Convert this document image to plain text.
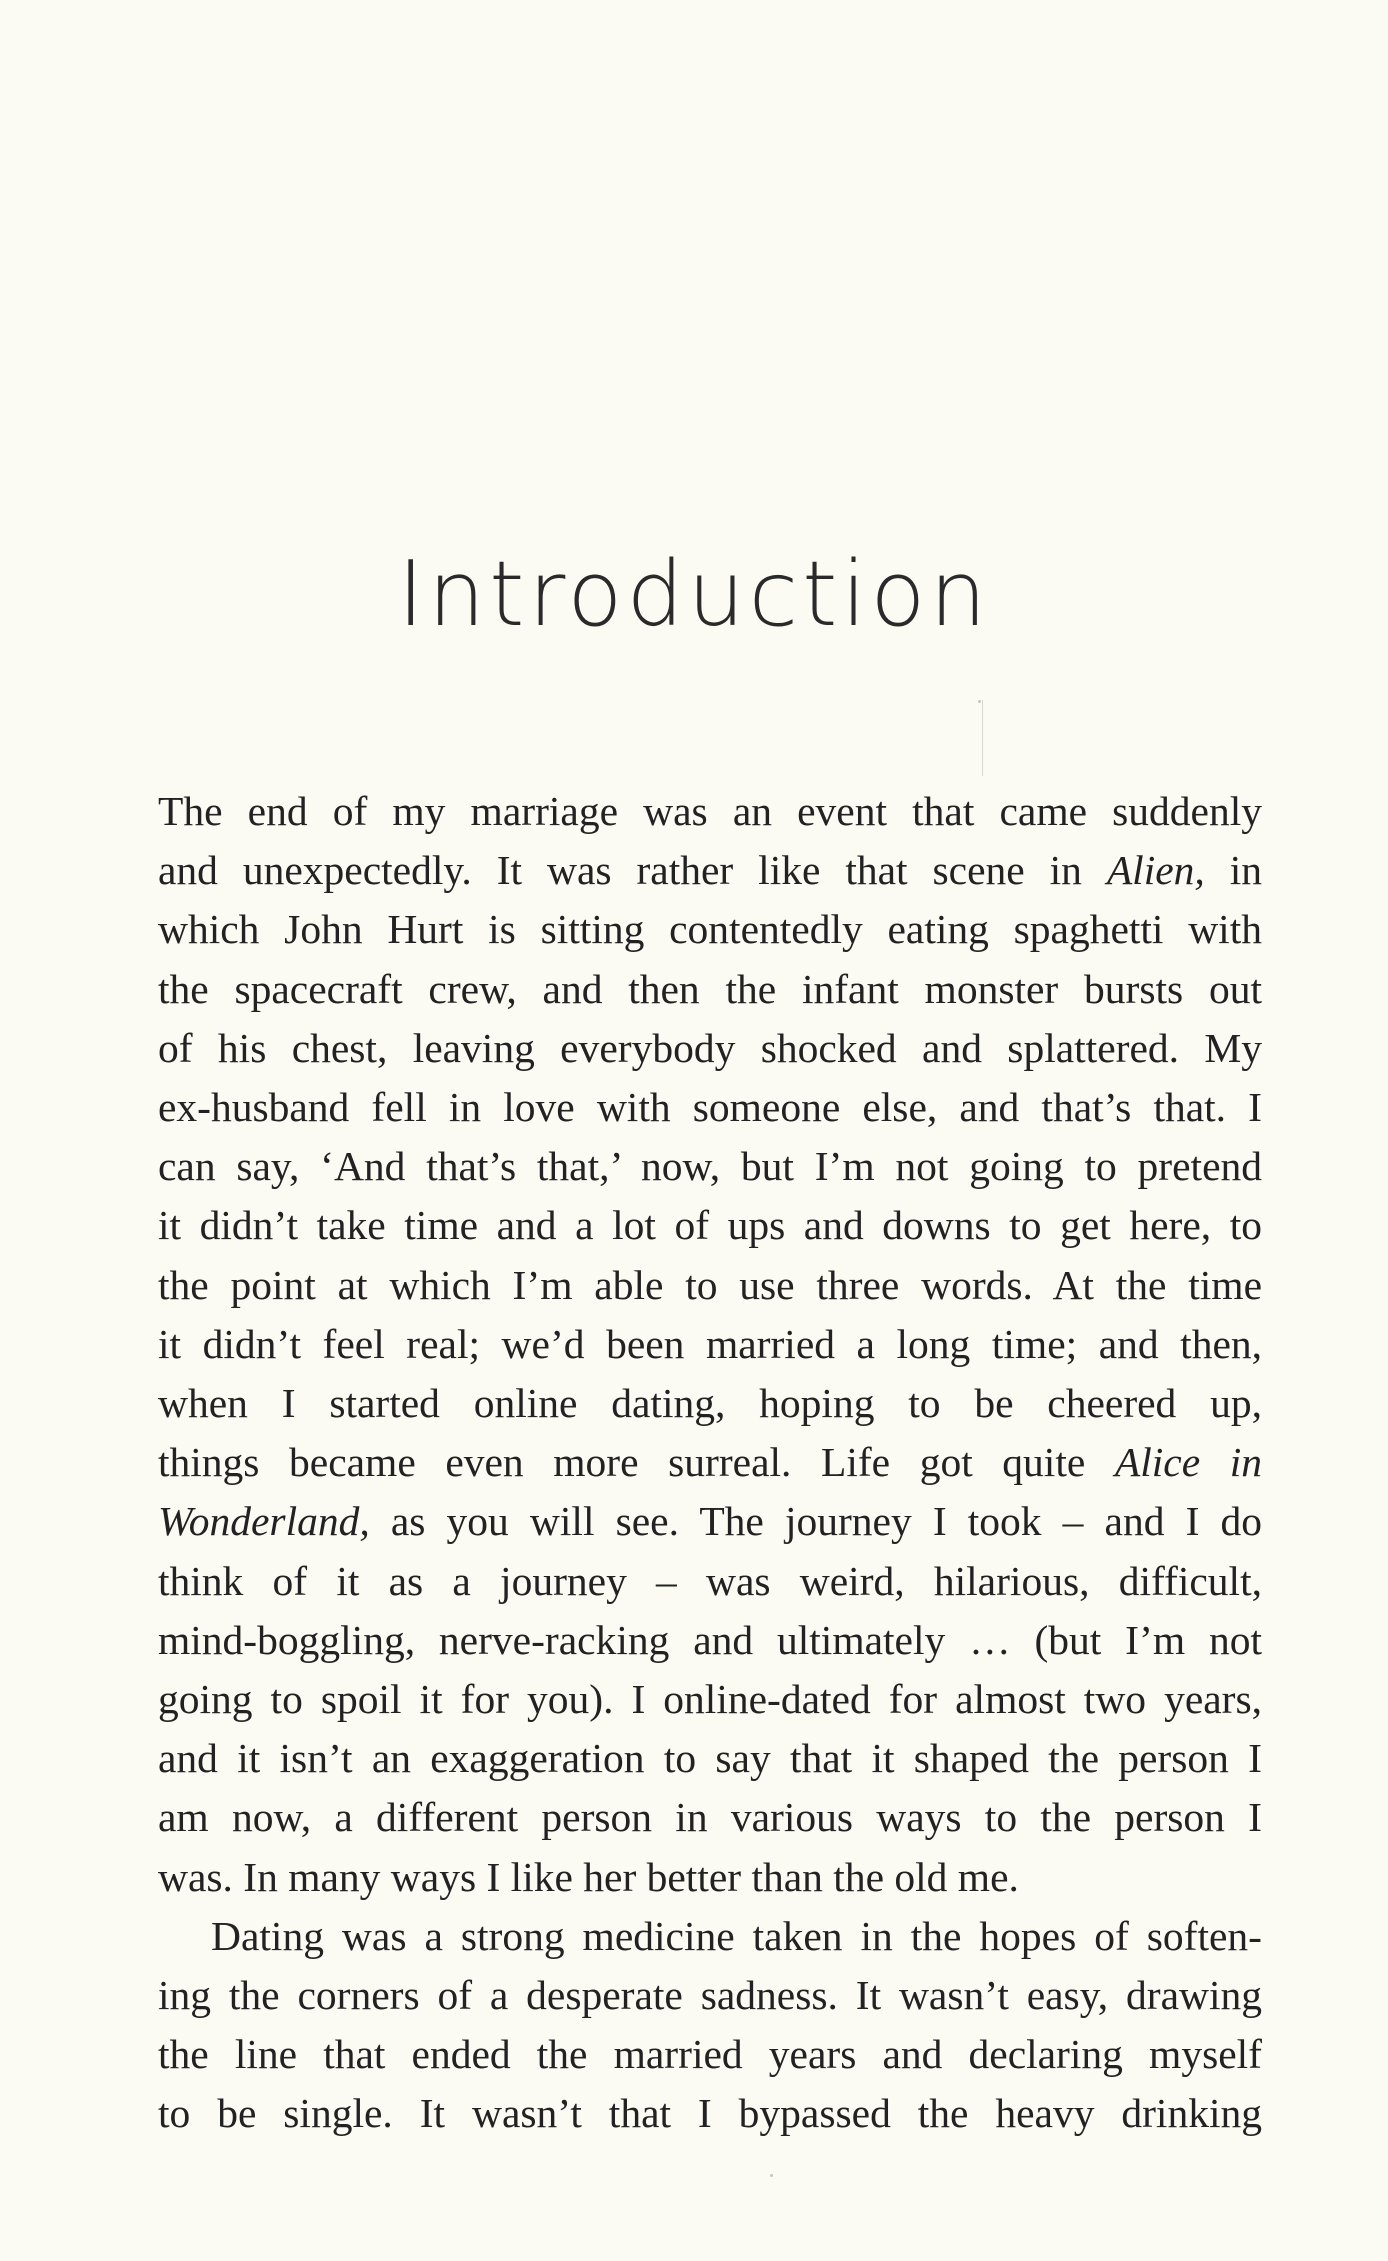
Introduction
The end of my marriage was an event that came suddenly
and unexpectedly. It was rather like that scene in Alien, in
which John Hurt is sitting contentedly eating spaghetti with
the spacecraft crew, and then the infant monster bursts out
of his chest, leaving everybody shocked and splattered. My
ex-husband fell in love with someone else, and that’s that. I
can say, ‘And that’s that,’ now, but I’m not going to pretend
it didn’t take time and a lot of ups and downs to get here, to
the point at which I’m able to use three words. At the time
it didn’t feel real; we’d been married a long time; and then,
when I started online dating, hoping to be cheered up,
things became even more surreal. Life got quite Alice in
Wonderland, as you will see. The journey I took – and I do
think of it as a journey – was weird, hilarious, difficult,
mind-boggling, nerve-racking and ultimately … (but I’m not
going to spoil it for you). I online-dated for almost two years,
and it isn’t an exaggeration to say that it shaped the person I
am now, a different person in various ways to the person I
was. In many ways I like her better than the old me.
Dating was a strong medicine taken in the hopes of soften-
ing the corners of a desperate sadness. It wasn’t easy, drawing
the line that ended the married years and declaring myself
to be single. It wasn’t that I bypassed the heavy drinking
